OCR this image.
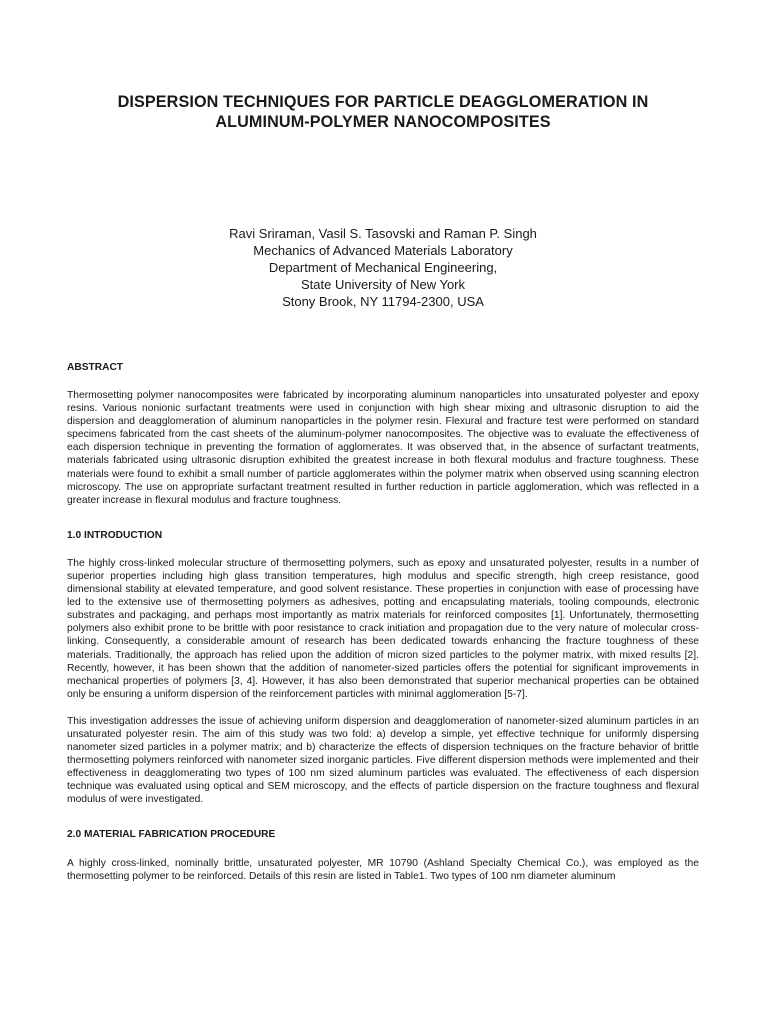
DISPERSION TECHNIQUES FOR PARTICLE DEAGGLOMERATION IN
ALUMINUM-POLYMER NANOCOMPOSITES
Ravi Sriraman, Vasil S. Tasovski and Raman P. Singh
Mechanics of Advanced Materials Laboratory
Department of Mechanical Engineering,
State University of New York
Stony Brook, NY 11794-2300, USA
ABSTRACT

Thermosetting polymer nanocomposites were fabricated by incorporating aluminum nanoparticles into unsaturated polyester and epoxy resins. Various nonionic surfactant treatments were used in conjunction with high shear mixing and ultrasonic disruption to aid the dispersion and deagglomeration of aluminum nanoparticles in the polymer resin. Flexural and fracture test were performed on standard specimens fabricated from the cast sheets of the aluminum-polymer nanocomposites. The objective was to evaluate the effectiveness of each dispersion technique in preventing the formation of agglomerates. It was observed that, in the absence of surfactant treatments, materials fabricated using ultrasonic disruption exhibited the greatest increase in both flexural modulus and fracture toughness. These materials were found to exhibit a small number of particle agglomerates within the polymer matrix when observed using scanning electron microscopy. The use on appropriate surfactant treatment resulted in further reduction in particle agglomeration, which was reflected in a greater increase in flexural modulus and fracture toughness.

1.0 INTRODUCTION

The highly cross-linked molecular structure of thermosetting polymers, such as epoxy and unsaturated polyester, results in a number of superior properties including high glass transition temperatures, high modulus and specific strength, high creep resistance, good dimensional stability at elevated temperature, and good solvent resistance. These properties in conjunction with ease of processing have led to the extensive use of thermosetting polymers as adhesives, potting and encapsulating materials, tooling compounds, electronic substrates and packaging, and perhaps most importantly as matrix materials for reinforced composites [1]. Unfortunately, thermosetting polymers also exhibit prone to be brittle with poor resistance to crack initiation and propagation due to the very nature of molecular cross-linking. Consequently, a considerable amount of research has been dedicated towards enhancing the fracture toughness of these materials. Traditionally, the approach has relied upon the addition of micron sized particles to the polymer matrix, with mixed results [2]. Recently, however, it has been shown that the addition of nanometer-sized particles offers the potential for significant improvements in mechanical properties of polymers [3, 4]. However, it has also been demonstrated that superior mechanical properties can be obtained only be ensuring a uniform dispersion of the reinforcement particles with minimal agglomeration [5-7].

This investigation addresses the issue of achieving uniform dispersion and deagglomeration of nanometer-sized aluminum particles in an unsaturated polyester resin. The aim of this study was two fold: a) develop a simple, yet effective technique for uniformly dispersing nanometer sized particles in a polymer matrix; and b) characterize the effects of dispersion techniques on the fracture behavior of brittle thermosetting polymers reinforced with nanometer sized inorganic particles. Five different dispersion methods were implemented and their effectiveness in deagglomerating two types of 100 nm sized aluminum particles was evaluated. The effectiveness of each dispersion technique was evaluated using optical and SEM microscopy, and the effects of particle dispersion on the fracture toughness and flexural modulus of were investigated.

2.0 MATERIAL FABRICATION PROCEDURE

A highly cross-linked, nominally brittle, unsaturated polyester, MR 10790 (Ashland Specialty Chemical Co.), was employed as the thermosetting polymer to be reinforced. Details of this resin are listed in Table1. Two types of 100 nm diameter aluminum
